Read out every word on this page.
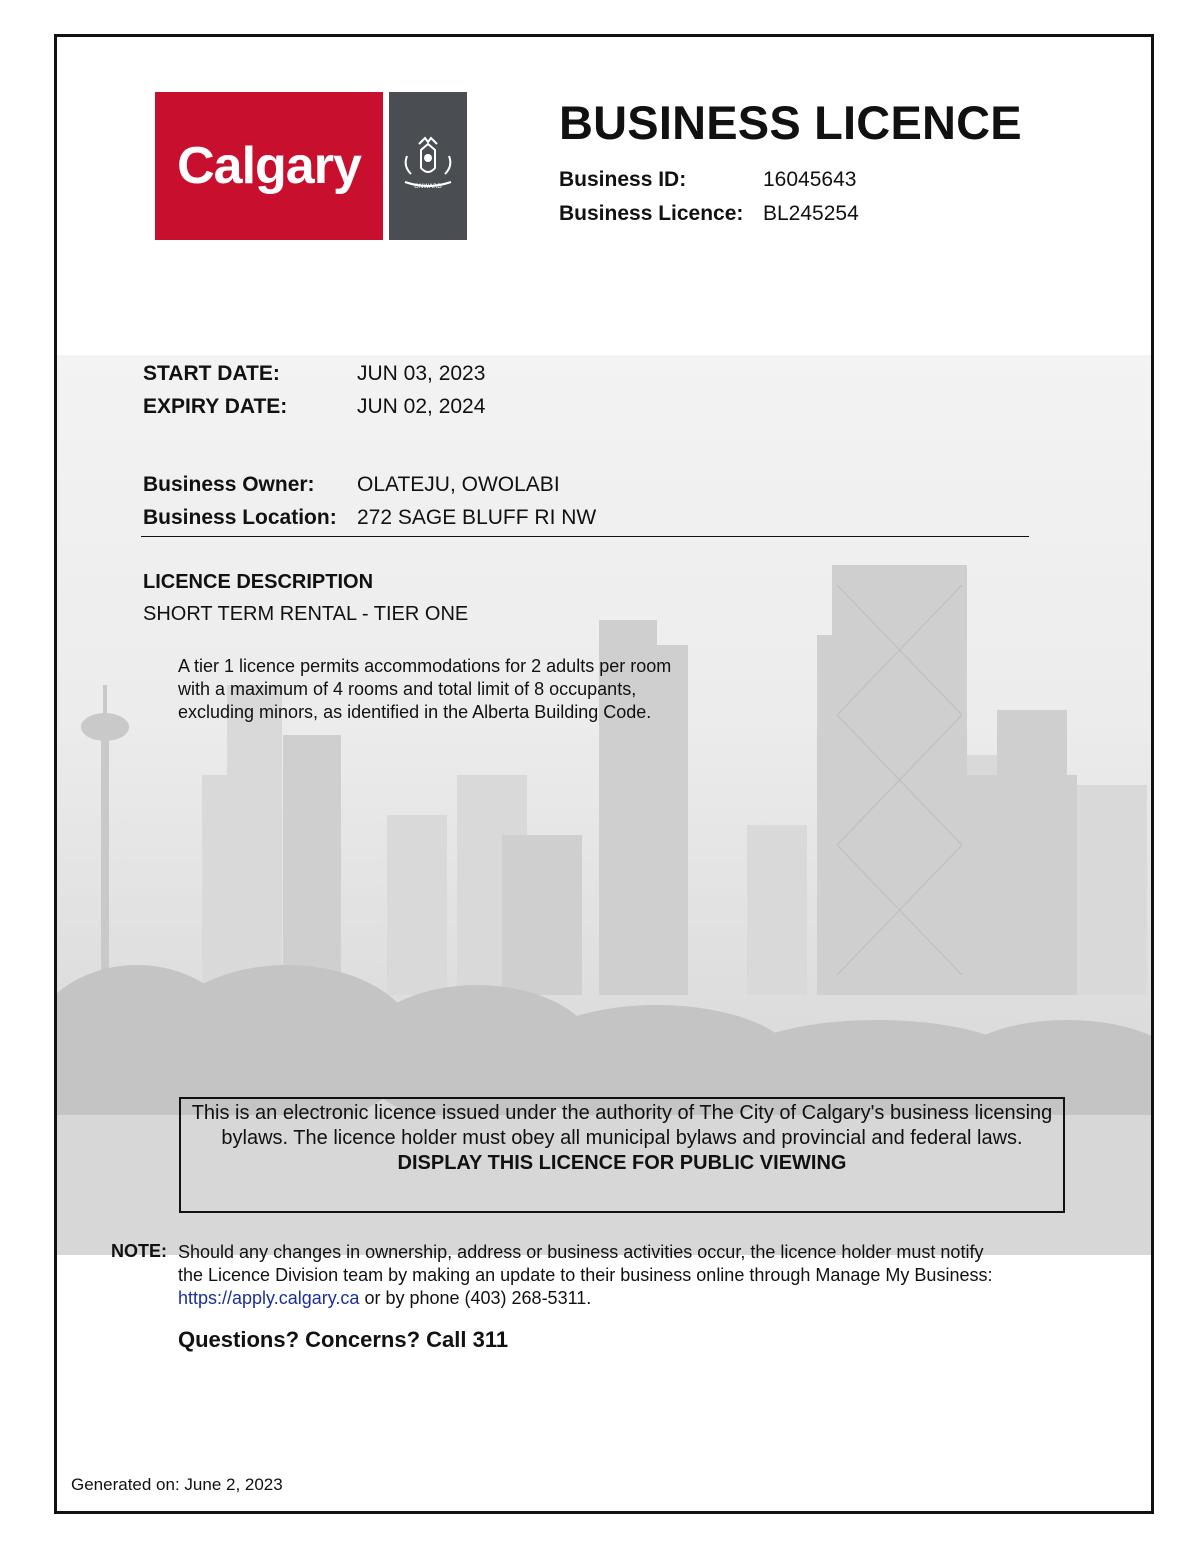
Calgary	ONWARD
BUSINESS LICENCE
Business ID:	16045643
Business Licence: BL245254
START DATE:	JUN 03, 2023
EXPIRY DATE:	JUN 02, 2024
Business Owner: OLATEJU, OWOLABI
Business Location: 272 SAGE BLUFF RI NW
LICENCE DESCRIPTION
SHORT TERM RENTAL - TIER ONE
A tier 1 licence permits accommodations for 2 adults per room with a maximum of 4 rooms and total limit of 8 occupants, excluding minors, as identified in the Alberta Building Code.
This is an electronic licence issued under the authority of The City of Calgary's business licensing bylaws. The licence holder must obey all municipal bylaws and provincial and federal laws.
DISPLAY THIS LICENCE FOR PUBLIC VIEWING
NOTE: Should any changes in ownership, address or business activities occur, the licence holder must notify the Licence Division team by making an update to their business online through Manage My Business: https://apply.calgary.ca or by phone (403) 268-5311.
Questions? Concerns? Call 311
Generated on: June 2, 2023
